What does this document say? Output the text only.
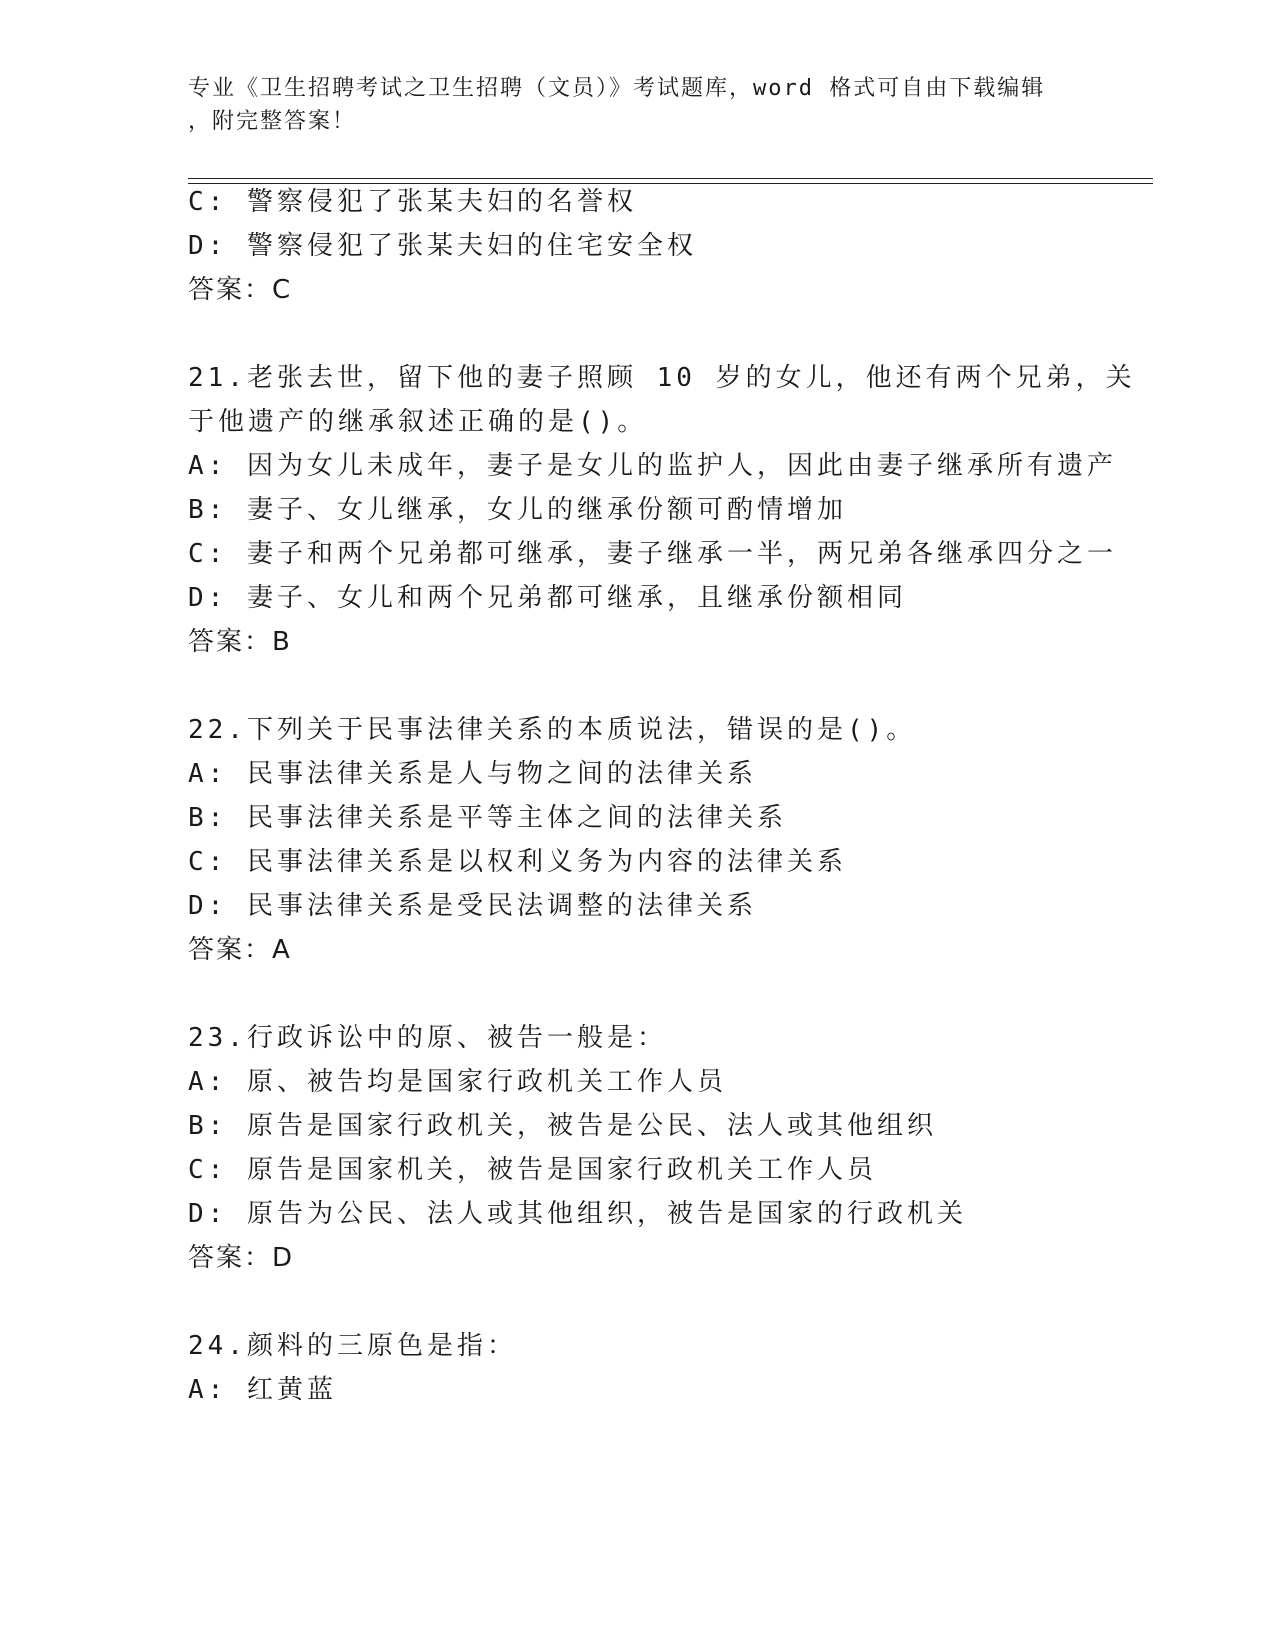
专业《卫生招聘考试之卫生招聘（文员）》考试题库，word 格式可自由下载编辑
，附完整答案！
C: 警察侵犯了张某夫妇的名誉权
D: 警察侵犯了张某夫妇的住宅安全权
答案：C
21.老张去世，留下他的妻子照顾 10 岁的女儿，他还有两个兄弟，关
于他遗产的继承叙述正确的是()。
A: 因为女儿未成年，妻子是女儿的监护人，因此由妻子继承所有遗产
B: 妻子、女儿继承，女儿的继承份额可酌情增加
C: 妻子和两个兄弟都可继承，妻子继承一半，两兄弟各继承四分之一
D: 妻子、女儿和两个兄弟都可继承，且继承份额相同
答案：B
22.下列关于民事法律关系的本质说法，错误的是()。
A: 民事法律关系是人与物之间的法律关系
B: 民事法律关系是平等主体之间的法律关系
C: 民事法律关系是以权利义务为内容的法律关系
D: 民事法律关系是受民法调整的法律关系
答案：A
23.行政诉讼中的原、被告一般是：
A: 原、被告均是国家行政机关工作人员
B: 原告是国家行政机关，被告是公民、法人或其他组织
C: 原告是国家机关，被告是国家行政机关工作人员
D: 原告为公民、法人或其他组织，被告是国家的行政机关
答案：D
24.颜料的三原色是指：
A: 红黄蓝
